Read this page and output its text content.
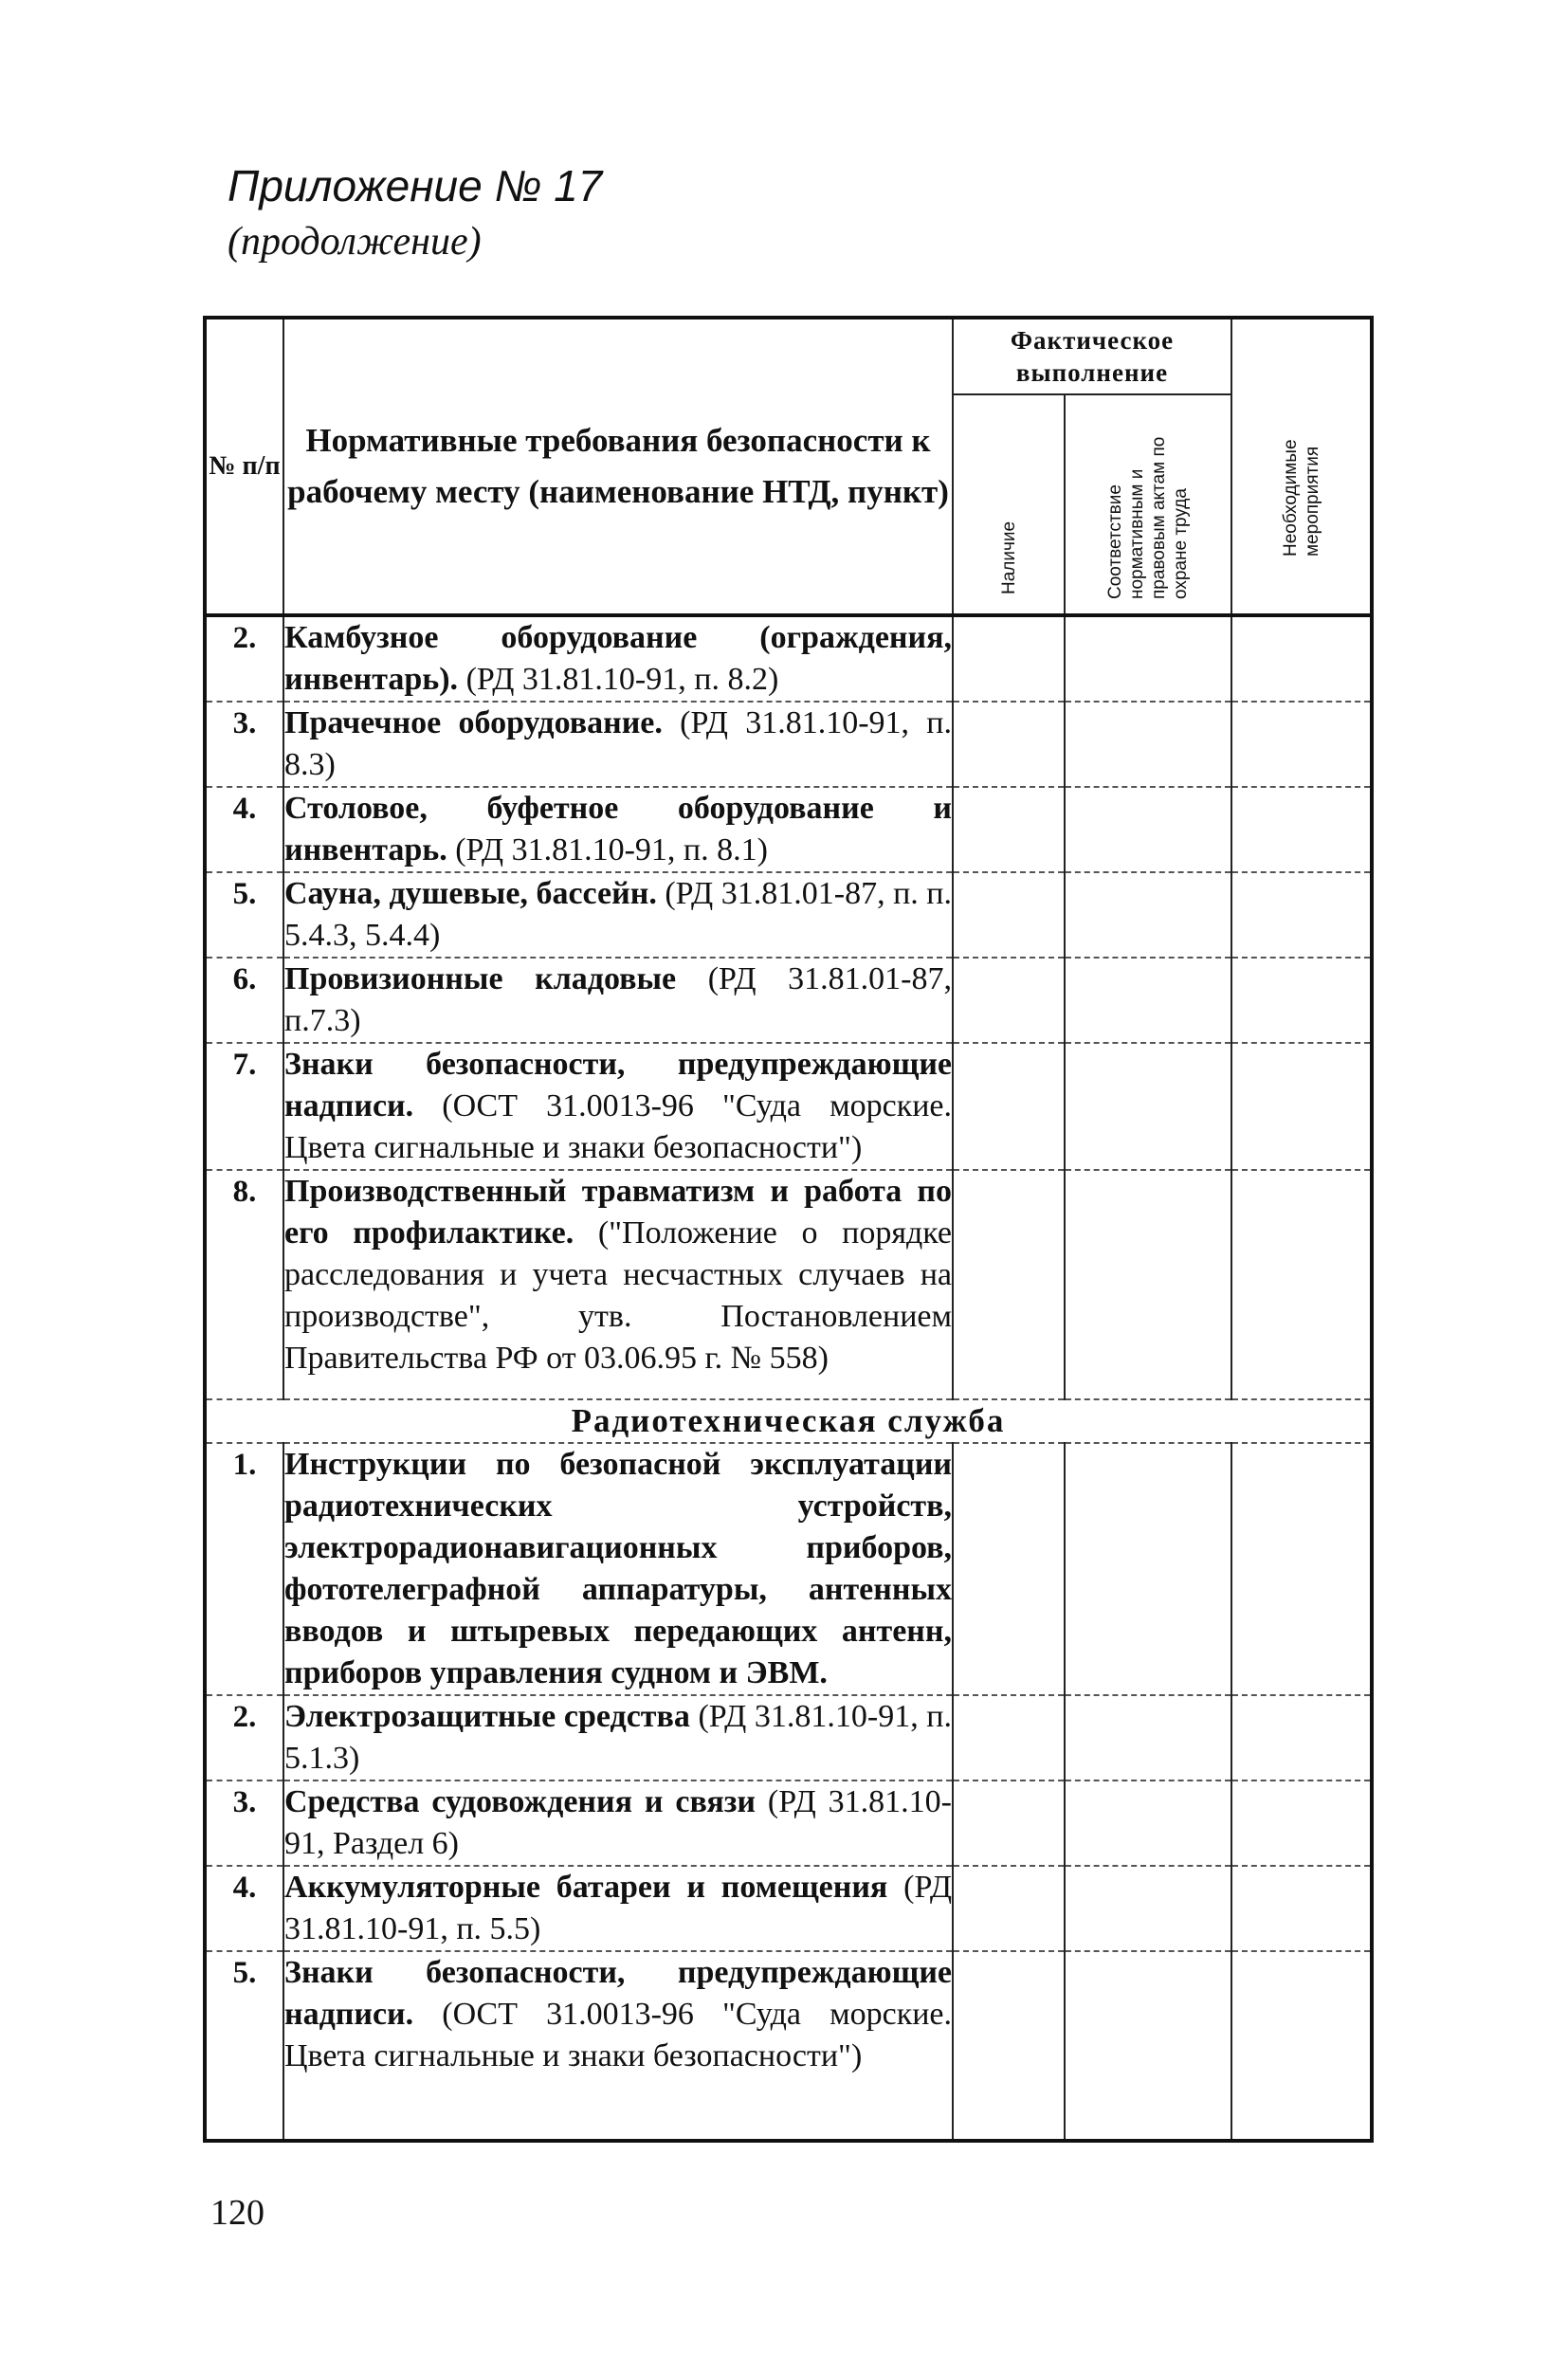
Приложение № 17
(продолжение)
№ п/п	Нормативные требования безопасности к рабочему месту (наименование НТД, пункт)	Фактическое выполнение		Необходимые мероприятия

		Наличие	Соответствие нормативным и правовым актам по охране труда	

2.	Камбузное оборудование (ограждения, инвентарь). (РД 31.81.10-91, п. 8.2)			
3.	Прачечное оборудование. (РД 31.81.10-91, п. 8.3)			
4.	Столовое, буфетное оборудование и инвентарь. (РД 31.81.10-91, п. 8.1)			
5.	Сауна, душевые, бассейн. (РД 31.81.01-87, п. п. 5.4.3, 5.4.4)			
6.	Провизионные кладовые (РД 31.81.01-87, п.7.3)			
7.	Знаки безопасности, предупреждающие надписи. (ОСТ 31.0013-96 "Суда морские. Цвета сигнальные и знаки безопасности")			
8.	Производственный травматизм и работа по его профилактике. ("Положение о порядке расследования и учета несчастных случаев на производстве", утв. Постановлением Правительства РФ от 03.06.95 г. № 558)			
Радиотехническая служба				
1.	Инструкции по безопасной эксплуатации радиотехнических устройств, электрорадионавигационных приборов, фототелеграфной аппаратуры, антенных вводов и штыревых передающих антенн, приборов управления судном и ЭВМ.			
2.	Электрозащитные средства (РД 31.81.10-91, п. 5.1.3)			
3.	Средства судовождения и связи (РД 31.81.10-91, Раздел 6)			
4.	Аккумуляторные батареи и помещения (РД 31.81.10-91, п. 5.5)			
5.	Знаки безопасности, предупреждающие надписи. (ОСТ 31.0013-96 "Суда морские. Цвета сигнальные и знаки безопасности")			
120
